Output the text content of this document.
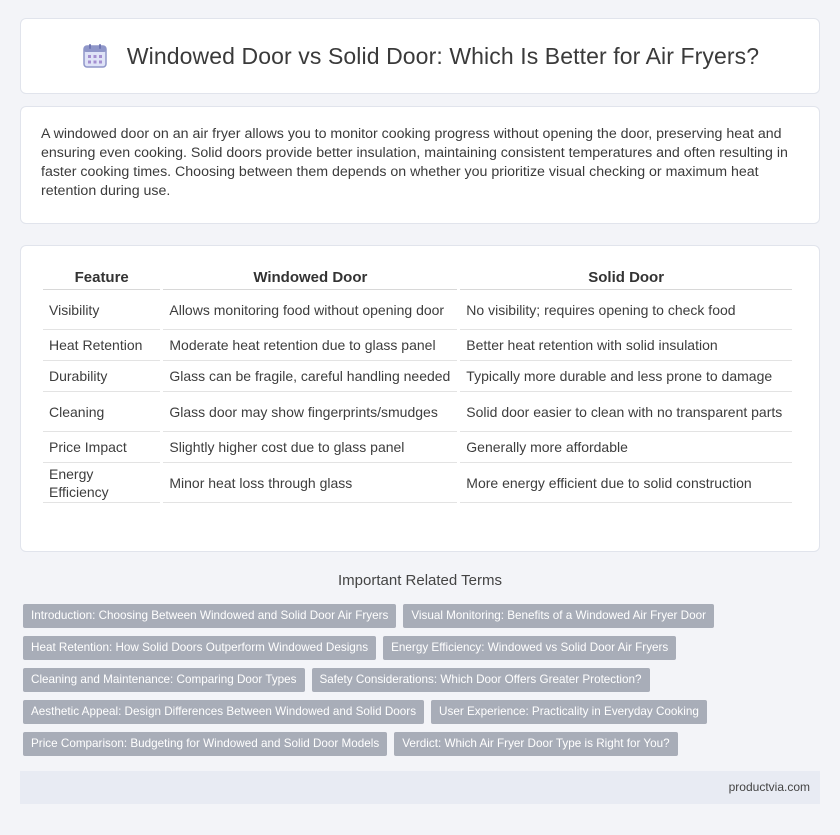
Windowed Door vs Solid Door: Which Is Better for Air Fryers?

A windowed door on an air fryer allows you to monitor cooking progress without opening the door, preserving heat and ensuring even cooking. Solid doors provide better insulation, maintaining consistent temperatures and often resulting in faster cooking times. Choosing between them depends on whether you prioritize visual checking or maximum heat retention during use.

Feature	Windowed Door	Solid Door
Visibility	Allows monitoring food without opening door	No visibility; requires opening to check food
Heat Retention	Moderate heat retention due to glass panel	Better heat retention with solid insulation
Durability	Glass can be fragile, careful handling needed	Typically more durable and less prone to damage
Cleaning	Glass door may show fingerprints/smudges	Solid door easier to clean with no transparent parts
Price Impact	Slightly higher cost due to glass panel	Generally more affordable
Energy Efficiency	Minor heat loss through glass	More energy efficient due to solid construction
Important Related Terms
Introduction: Choosing Between Windowed and Solid Door Air Fryers	Visual Monitoring: Benefits of a Windowed Air Fryer Door
Heat Retention: How Solid Doors Outperform Windowed Designs	Energy Efficiency: Windowed vs Solid Door Air Fryers
Cleaning and Maintenance: Comparing Door Types	Safety Considerations: Which Door Offers Greater Protection?
Aesthetic Appeal: Design Differences Between Windowed and Solid Doors	User Experience: Practicality in Everyday Cooking
Price Comparison: Budgeting for Windowed and Solid Door Models	Verdict: Which Air Fryer Door Type is Right for You?
productvia.com
